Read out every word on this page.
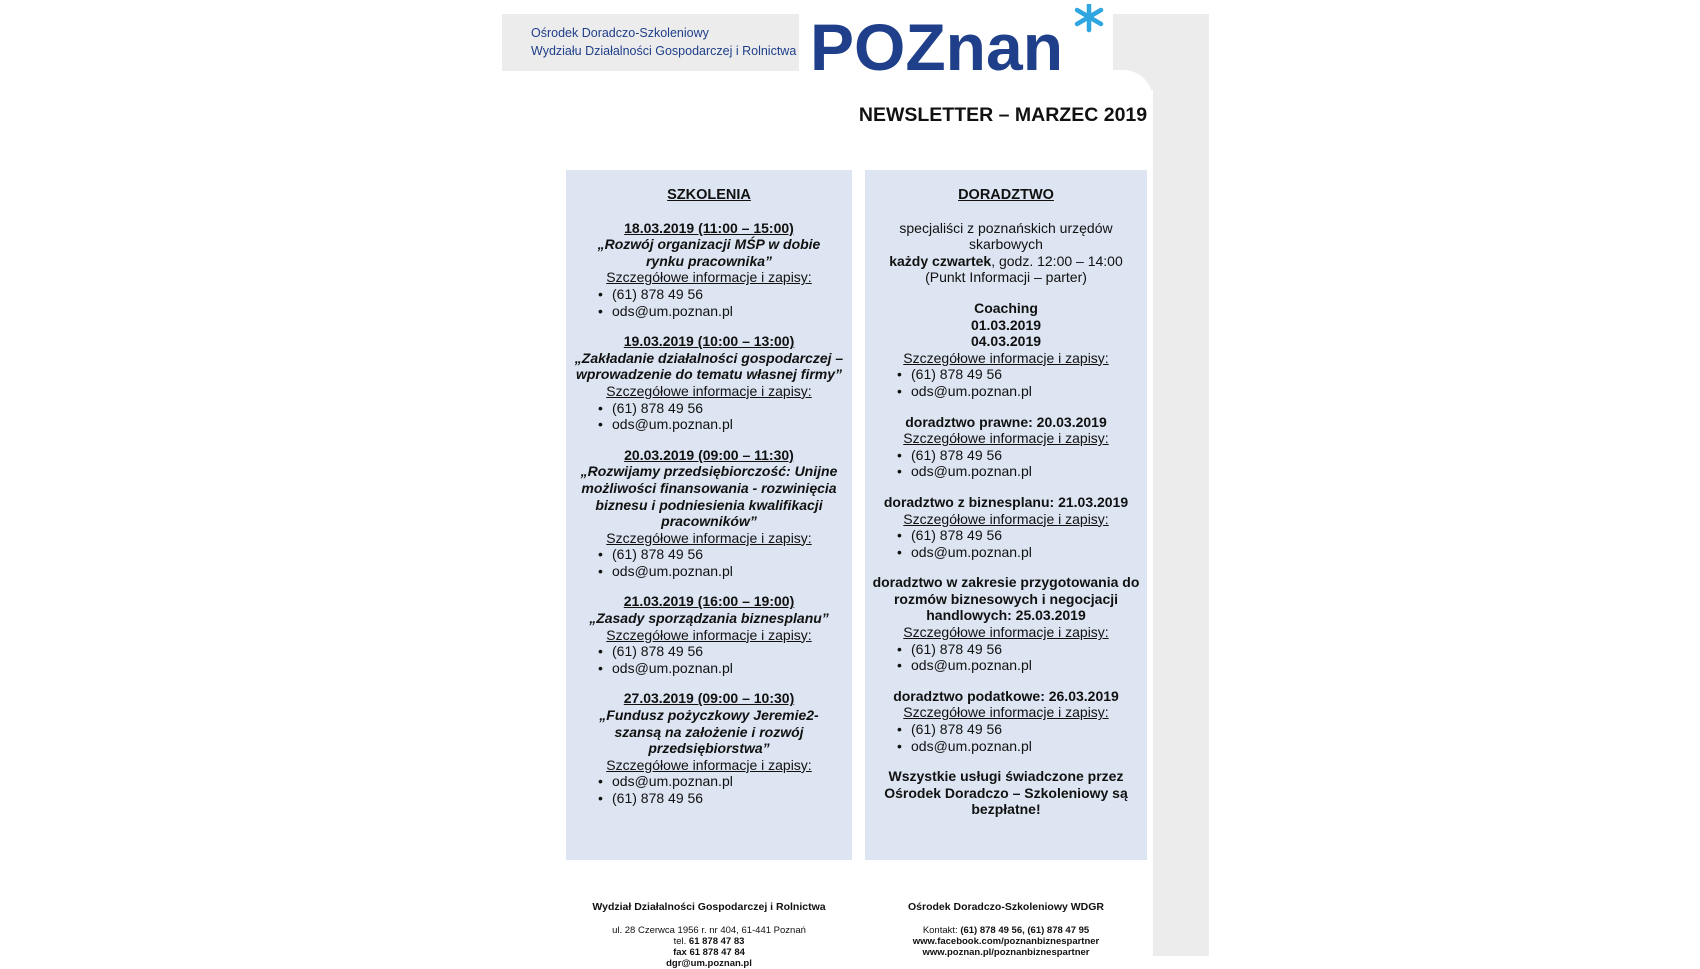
Ośrodek Doradczo-Szkoleniowy
Wydziału Działalności Gospodarczej i Rolnictwa POZnan
NEWSLETTER – MARZEC 2019
SZKOLENIA
18.03.2019 (11:00 – 15:00)
„Rozwój organizacji MŚP w dobie rynku pracownika”
Szczegółowe informacje i zapisy:
• (61) 878 49 56
• ods@um.poznan.pl
19.03.2019 (10:00 – 13:00)
„Zakładanie działalności gospodarczej – wprowadzenie do tematu własnej firmy”
Szczegółowe informacje i zapisy:
• (61) 878 49 56
• ods@um.poznan.pl
20.03.2019 (09:00 – 11:30)
„Rozwijamy przedsiębiorczość: Unijne możliwości finansowania - rozwinięcia biznesu i podniesienia kwalifikacji pracowników”
Szczegółowe informacje i zapisy:
• (61) 878 49 56
• ods@um.poznan.pl
21.03.2019 (16:00 – 19:00)
„Zasady sporządzania biznesplanu”
Szczegółowe informacje i zapisy:
• (61) 878 49 56
• ods@um.poznan.pl
27.03.2019 (09:00 – 10:30)
„Fundusz pożyczkowy Jeremie2- szansą na założenie i rozwój przedsiębiorstwa”
Szczegółowe informacje i zapisy:
• ods@um.poznan.pl
• (61) 878 49 56
DORADZTWO
specjaliści z poznańskich urzędów skarbowych
każdy czwartek, godz. 12:00 – 14:00
(Punkt Informacji – parter)
Coaching
01.03.2019
04.03.2019
Szczegółowe informacje i zapisy:
• (61) 878 49 56
• ods@um.poznan.pl
doradztwo prawne: 20.03.2019
Szczegółowe informacje i zapisy:
• (61) 878 49 56
• ods@um.poznan.pl
doradztwo z biznesplanu: 21.03.2019
Szczegółowe informacje i zapisy:
• (61) 878 49 56
• ods@um.poznan.pl
doradztwo w zakresie przygotowania do rozmów biznesowych i negocjacji handlowych: 25.03.2019
Szczegółowe informacje i zapisy:
• (61) 878 49 56
• ods@um.poznan.pl
doradztwo podatkowe: 26.03.2019
Szczegółowe informacje i zapisy:
• (61) 878 49 56
• ods@um.poznan.pl
Wszystkie usługi świadczone przez Ośrodek Doradczo – Szkoleniowy są bezpłatne!
Wydział Działalności Gospodarczej i Rolnictwa
ul. 28 Czerwca 1956 r. nr 404, 61-441 Poznań
tel. 61 878 47 83
fax 61 878 47 84
dgr@um.poznan.pl
Ośrodek Doradczo-Szkoleniowy WDGR
Kontakt: (61) 878 49 56, (61) 878 47 95
www.facebook.com/poznanbiznespartner
www.poznan.pl/poznanbiznespartner
